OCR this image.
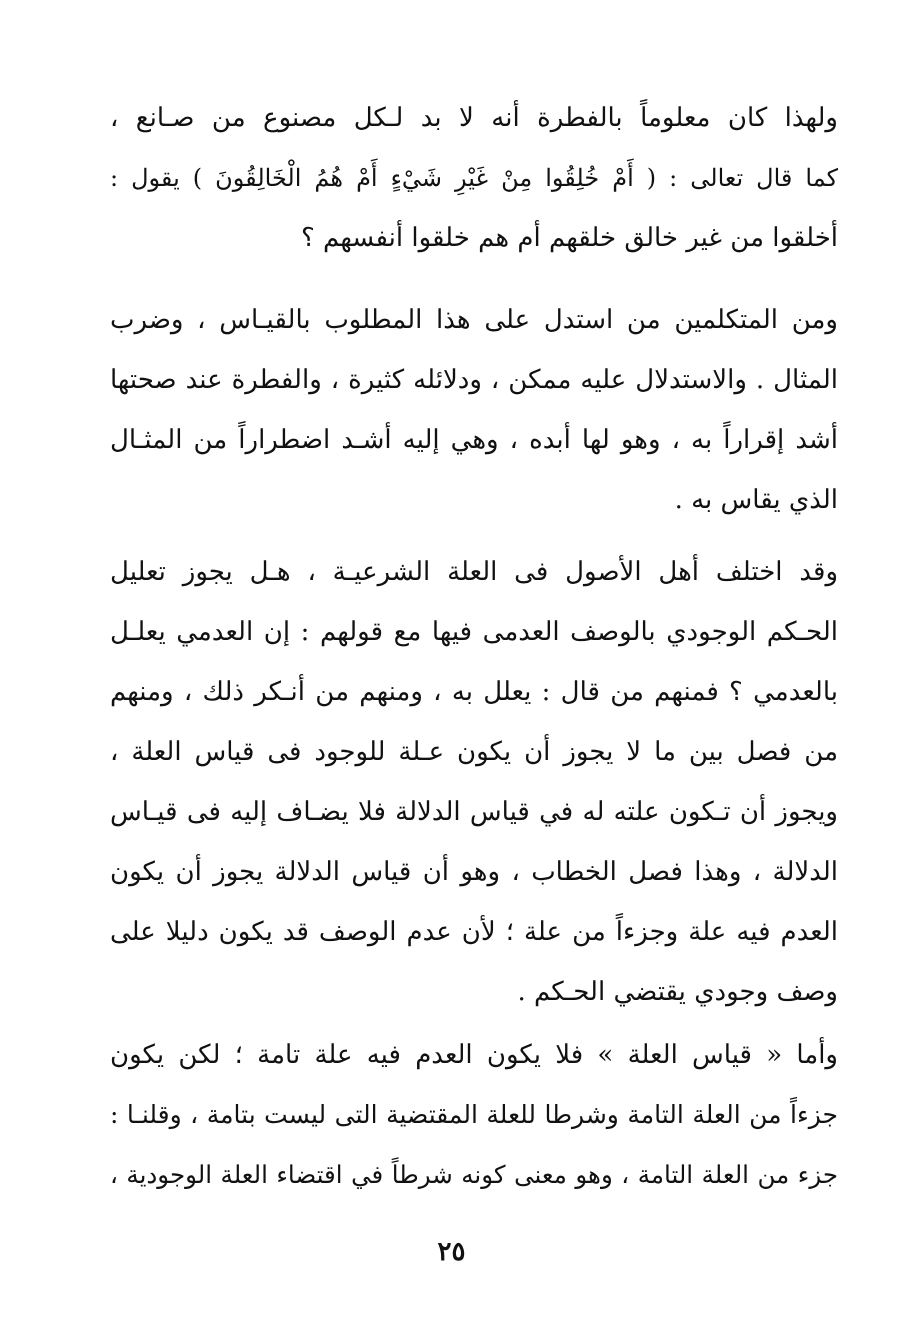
ولهذا كان معلوماً بالفطرة أنه لا بد لـكل مصنوع من صـانع ،
كما قال تعالى : ( أَمْ خُلِقُوا مِنْ غَيْرِ شَيْءٍ أَمْ هُمُ الْخَالِقُونَ ) يقول :
أخلقوا من غير خالق خلقهم أم هم خلقوا أنفسهم ؟
ومن المتكلمين من استدل على هذا المطلوب بالقيـاس ، وضرب
المثال . والاستدلال عليه ممكن ، ودلائله كثيرة ، والفطرة عند صحتها
أشد إقراراً به ، وهو لها أبده ، وهي إليه أشـد اضطراراً من المثـال
الذي يقاس به .
وقد اختلف أهل الأصول فى العلة الشرعيـة ، هـل يجوز تعليل
الحـكم الوجودي بالوصف العدمى فيها مع قولهم : إن العدمي يعلـل
بالعدمي ؟ فمنهم من قال : يعلل به ، ومنهم من أنـكر ذلك ، ومنهم
من فصل بين ما لا يجوز أن يكون عـلة للوجود فى قياس العلة ،
ويجوز أن تـكون علته له في قياس الدلالة فلا يضـاف إليه فى قيـاس
الدلالة ، وهذا فصل الخطاب ، وهو أن قياس الدلالة يجوز أن يكون
العدم فيه علة وجزءاً من علة ؛ لأن عدم الوصف قد يكون دليلا على
وصف وجودي يقتضي الحـكم .
وأما « قياس العلة » فلا يكون العدم فيه علة تامة ؛ لكن يكون
جزءاً من العلة التامة وشرطا للعلة المقتضية التى ليست بتامة ، وقلنـا :
جزء من العلة التامة ، وهو معنى كونه شرطاً في اقتضاء العلة الوجودية ،
٢٥
